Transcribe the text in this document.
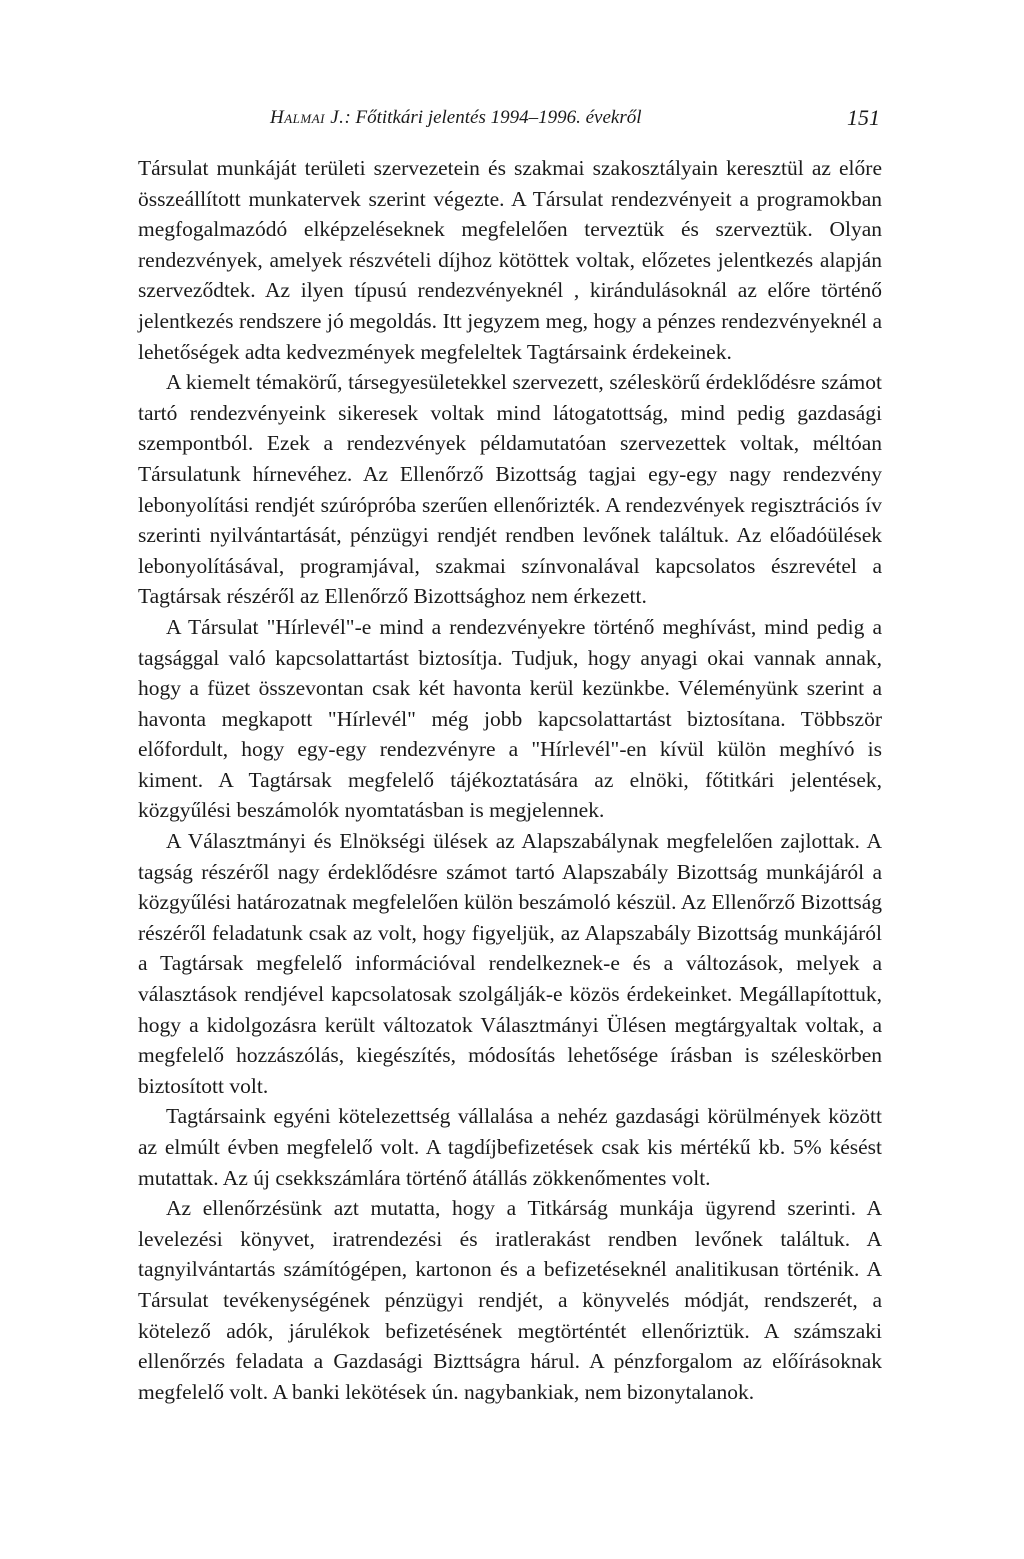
Halmai J.: Főtitkári jelentés 1994–1996. évekről	151

Társulat munkáját területi szervezetein és szakmai szakosztályain keresztül az előre összeállított munkatervek szerint végezte. A Társulat rendezvényeit a programokban megfogalmazódó elképzeléseknek megfelelően terveztük és szerveztük. Olyan rendezvények, amelyek részvételi díjhoz kötöttek voltak, előzetes jelentkezés alapján szerveződtek. Az ilyen típusú rendezvényeknél , kirándulásoknál az előre történő jelentkezés rendszere jó megoldás. Itt jegyzem meg, hogy a pénzes rendezvényeknél a lehetőségek adta kedvezmények megfeleltek Tagtársaink érdekeinek.

A kiemelt témakörű, társegyesületekkel szervezett, széleskörű érdeklődésre számot tartó rendezvényeink sikeresek voltak mind látogatottság, mind pedig gazdasági szempontból. Ezek a rendezvények példamutatóan szervezettek voltak, méltóan Társulatunk hírnevéhez. Az Ellenőrző Bizottság tagjai egy-egy nagy rendezvény lebonyolítási rendjét szúrópróba szerűen ellenőrizték. A rendezvények regisztrációs ív szerinti nyilvántartását, pénzügyi rendjét rendben levőnek találtuk. Az előadóülések lebonyolításával, programjával, szakmai színvonalával kapcsolatos észrevétel a Tagtársak részéről az Ellenőrző Bizottsághoz nem érkezett.

A Társulat "Hírlevél"-e mind a rendezvényekre történő meghívást, mind pedig a tagsággal való kapcsolattartást biztosítja. Tudjuk, hogy anyagi okai vannak annak, hogy a füzet összevontan csak két havonta kerül kezünkbe. Véleményünk szerint a havonta megkapott "Hírlevél" még jobb kapcsolattartást biztosítana. Többször előfordult, hogy egy-egy rendezvényre a "Hírlevél"-en kívül külön meghívó is kiment. A Tagtársak megfelelő tájékoztatására az elnöki, főtitkári jelentések, közgyűlési beszámolók nyomtatásban is megjelennek.

A Választmányi és Elnökségi ülések az Alapszabálynak megfelelően zajlottak. A tagság részéről nagy érdeklődésre számot tartó Alapszabály Bizottság munkájáról a közgyűlési határozatnak megfelelően külön beszámoló készül. Az Ellenőrző Bizottság részéről feladatunk csak az volt, hogy figyeljük, az Alapszabály Bizottság munkájáról a Tagtársak megfelelő információval rendelkeznek-e és a változások, melyek a választások rendjével kapcsolatosak szolgálják-e közös érdekeinket. Megállapítottuk, hogy a kidolgozásra került változatok Választmányi Ülésen megtárgyaltak voltak, a megfelelő hozzászólás, kiegészítés, módosítás lehetősége írásban is széleskörben biztosított volt.

Tagtársaink egyéni kötelezettség vállalása a nehéz gazdasági körülmények között az elmúlt évben megfelelő volt. A tagdíjbefizetések csak kis mértékű kb. 5% késést mutattak. Az új csekkszámlára történő átállás zökkenőmentes volt.

Az ellenőrzésünk azt mutatta, hogy a Titkárság munkája ügyrend szerinti. A levelezési könyvet, iratrendezési és iratlerakást rendben levőnek találtuk. A tagnyilvántartás számítógépen, kartonon és a befizetéseknél analitikusan történik. A Társulat tevékenységének pénzügyi rendjét, a könyvelés módját, rendszerét, a kötelező adók, járulékok befizetésének megtörténtét ellenőriztük. A számszaki ellenőrzés feladata a Gazdasági Bizttságra hárul. A pénzforgalom az előírásoknak megfelelő volt. A banki lekötések ún. nagybankiak, nem bizonytalanok.
